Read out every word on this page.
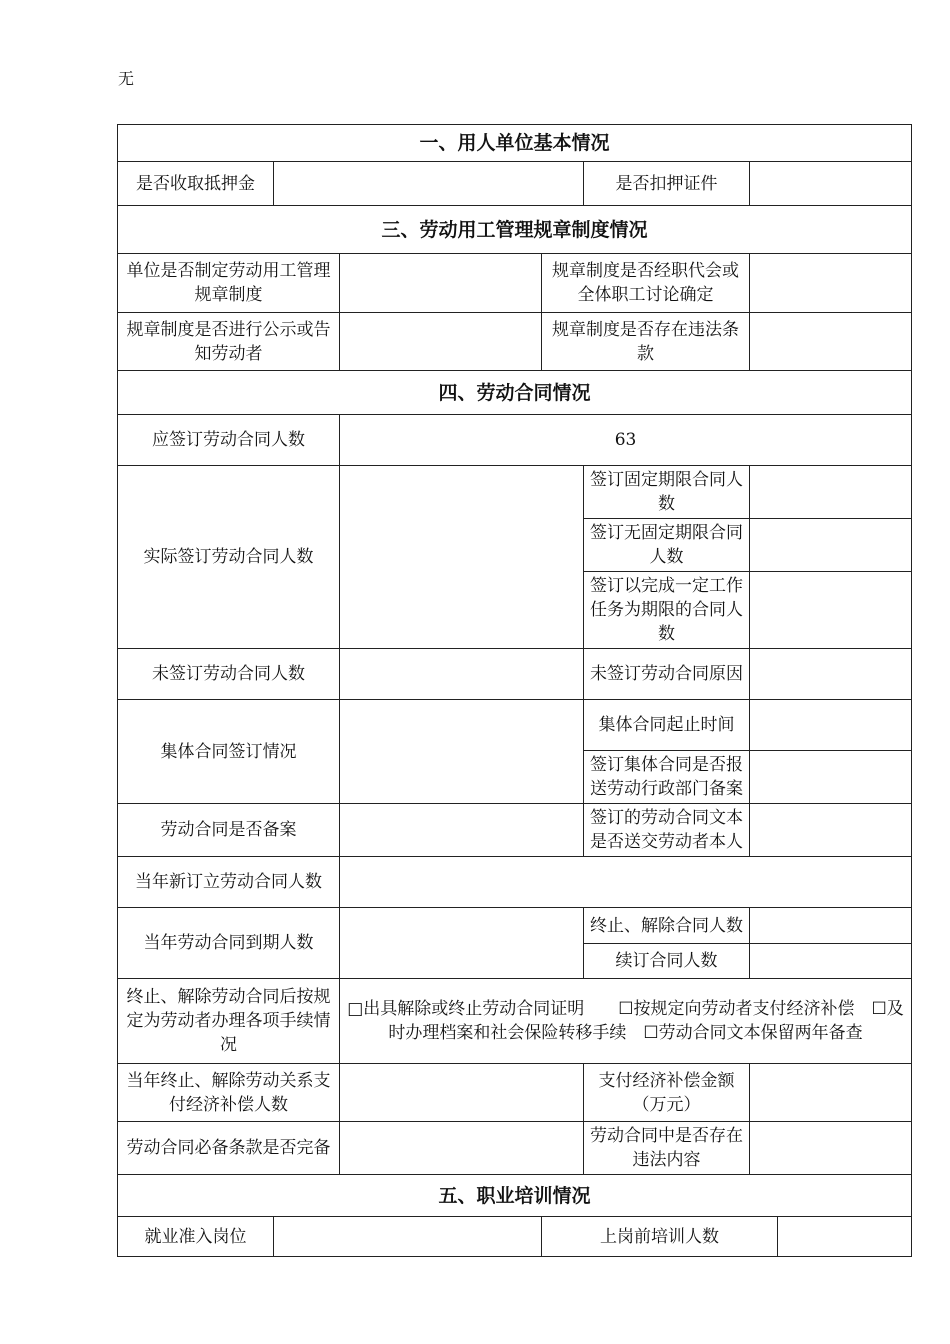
无
一、用人单位基本情况						
是否收取抵押金				是否扣押证件		
三、劳动用工管理规章制度情况						
单位是否制定劳动用工管理规章制度			规章制度是否经职代会或全体职工讨论确定			
规章制度是否进行公示或告知劳动者			规章制度是否存在违法条款			
四、劳动合同情况						
应签订劳动合同人数		63				
实际签订劳动合同人数				签订固定期限合同人数		
				签订无固定期限合同人数		
				签订以完成一定工作任务为期限的合同人数		
未签订劳动合同人数				未签订劳动合同原因		
集体合同签订情况				集体合同起止时间		
				签订集体合同是否报送劳动行政部门备案		
劳动合同是否备案				签订的劳动合同文本是否送交劳动者本人		
当年新订立劳动合同人数						
当年劳动合同到期人数				终止、解除合同人数		
				续订合同人数		
终止、解除劳动合同后按规定为劳动者办理各项手续情况		□出具解除或终止劳动合同证明　　☐按规定向劳动者支付经济补偿　☐及时办理档案和社会保险转移手续　☐劳动合同文本保留两年备查				
当年终止、解除劳动关系支付经济补偿人数				支付经济补偿金额（万元）		
劳动合同必备条款是否完备				劳动合同中是否存在违法内容		
五、职业培训情况						
就业准入岗位			上岗前培训人数			
